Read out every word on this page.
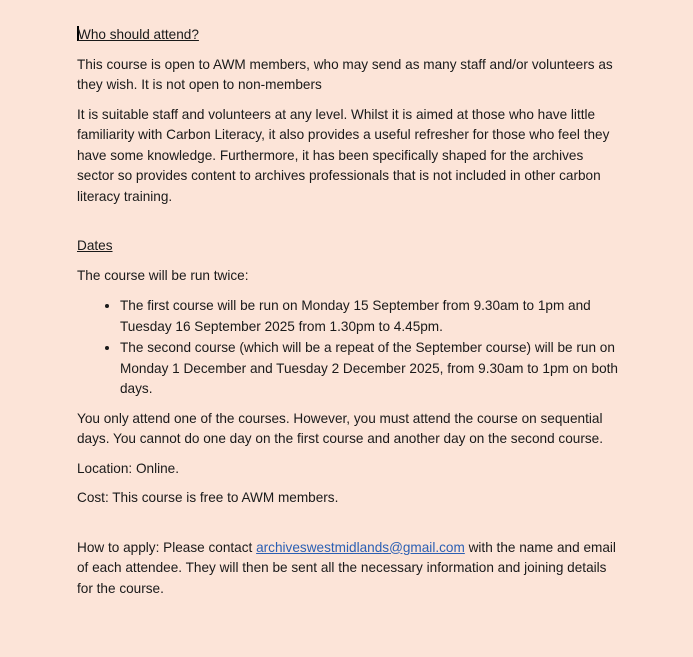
Who should attend?

This course is open to AWM members, who may send as many staff and/or volunteers as they wish. It is not open to non-members

It is suitable staff and volunteers at any level. Whilst it is aimed at those who have little familiarity with Carbon Literacy, it also provides a useful refresher for those who feel they have some knowledge. Furthermore, it has been specifically shaped for the archives sector so provides content to archives professionals that is not included in other carbon literacy training.

Dates

The course will be run twice:

• The first course will be run on Monday 15 September from 9.30am to 1pm and Tuesday 16 September 2025 from 1.30pm to 4.45pm.
• The second course (which will be a repeat of the September course) will be run on Monday 1 December and Tuesday 2 December 2025, from 9.30am to 1pm on both days.

You only attend one of the courses. However, you must attend the course on sequential days. You cannot do one day on the first course and another day on the second course.

Location: Online.

Cost: This course is free to AWM members.

How to apply: Please contact archiveswestmidlands@gmail.com with the name and email of each attendee. They will then be sent all the necessary information and joining details for the course.
